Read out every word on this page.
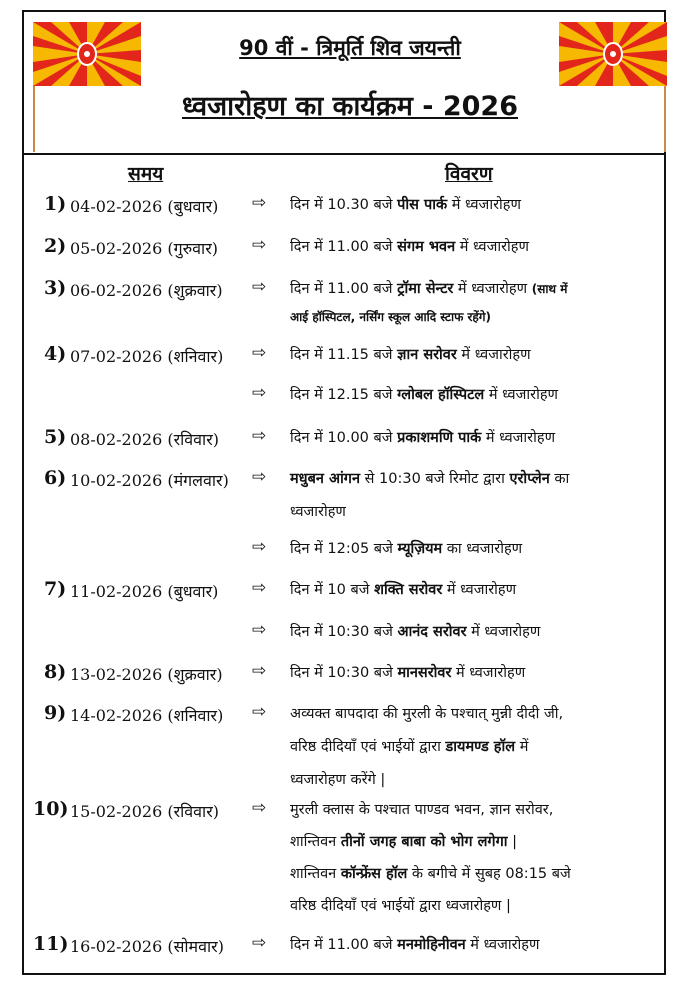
90 वीं - त्रिमूर्ति शिव जयन्ती
ध्वजारोहण का कार्यक्रम - 2026
समय	विवरण
1) 04-02-2026 (बुधवार) ⇨ दिन में 10.30 बजे पीस पार्क में ध्वजारोहण
2) 05-02-2026 (गुरुवार) ⇨ दिन में 11.00 बजे संगम भवन में ध्वजारोहण
3) 06-02-2026 (शुक्रवार) ⇨ दिन में 11.00 बजे ट्रॉमा सेन्टर में ध्वजारोहण (साथ में
आई हॉस्पिटल, नर्सिंग स्कूल आदि स्टाफ रहेंगे)
4) 07-02-2026 (शनिवार) ⇨ दिन में 11.15 बजे ज्ञान सरोवर में ध्वजारोहण
⇨ दिन में 12.15 बजे ग्लोबल हॉस्पिटल में ध्वजारोहण
5) 08-02-2026 (रविवार) ⇨ दिन में 10.00 बजे प्रकाशमणि पार्क में ध्वजारोहण
6) 10-02-2026 (मंगलवार) ⇨ मधुबन आंगन से 10:30 बजे रिमोट द्वारा एरोप्लेन का
ध्वजारोहण
⇨ दिन में 12:05 बजे म्यूज़ियम का ध्वजारोहण
7) 11-02-2026 (बुधवार) ⇨ दिन में 10 बजे शक्ति सरोवर में ध्वजारोहण
⇨ दिन में 10:30 बजे आनंद सरोवर में ध्वजारोहण
8) 13-02-2026 (शुक्रवार) ⇨ दिन में 10:30 बजे मानसरोवर में ध्वजारोहण
9) 14-02-2026 (शनिवार) ⇨ अव्यक्त बापदादा की मुरली के पश्चात् मुन्नी दीदी जी,
वरिष्ठ दीदियाँ एवं भाईयों द्वारा डायमण्ड हॉल में
ध्वजारोहण करेंगे |
10) 15-02-2026 (रविवार) ⇨ मुरली क्लास के पश्चात पाण्डव भवन, ज्ञान सरोवर,
शान्तिवन तीनों जगह बाबा को भोग लगेगा |
शान्तिवन कॉन्फ्रेंस हॉल के बगीचे में सुबह 08:15 बजे
वरिष्ठ दीदियाँ एवं भाईयों द्वारा ध्वजारोहण |
11) 16-02-2026 (सोमवार) ⇨ दिन में 11.00 बजे मनमोहिनीवन में ध्वजारोहण
